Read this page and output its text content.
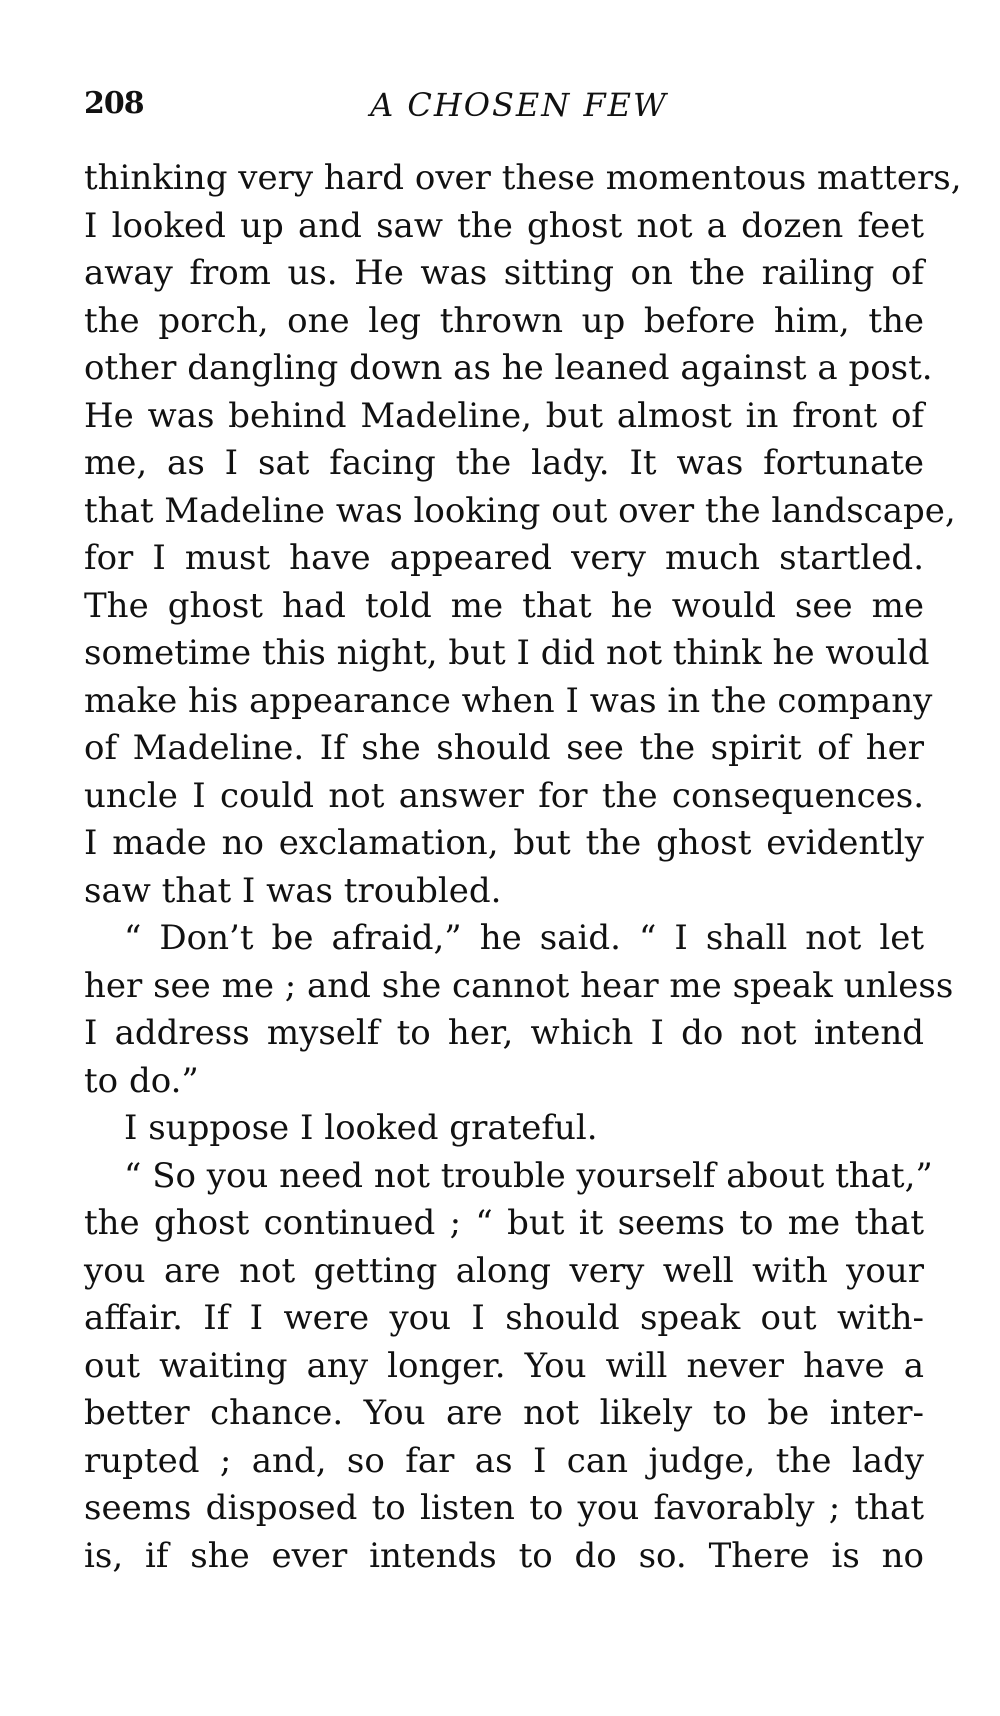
208	A CHOSEN FEW
thinking very hard over these momentous matters,
I looked up and saw the ghost not a dozen feet
away from us. He was sitting on the railing of
the porch, one leg thrown up before him, the
other dangling down as he leaned against a post.
He was behind Madeline, but almost in front of
me, as I sat facing the lady. It was fortunate
that Madeline was looking out over the landscape,
for I must have appeared very much startled.
The ghost had told me that he would see me
sometime this night, but I did not think he would
make his appearance when I was in the company
of Madeline. If she should see the spirit of her
uncle I could not answer for the consequences.
I made no exclamation, but the ghost evidently
saw that I was troubled.
“ Don’t be afraid,” he said. “ I shall not let
her see me ; and she cannot hear me speak unless
I address myself to her, which I do not intend
to do.”
I suppose I looked grateful.
“ So you need not trouble yourself about that,”
the ghost continued ; “ but it seems to me that
you are not getting along very well with your
affair. If I were you I should speak out with-
out waiting any longer. You will never have a
better chance. You are not likely to be inter-
rupted ; and, so far as I can judge, the lady
seems disposed to listen to you favorably ; that
is, if she ever intends to do so. There is no
